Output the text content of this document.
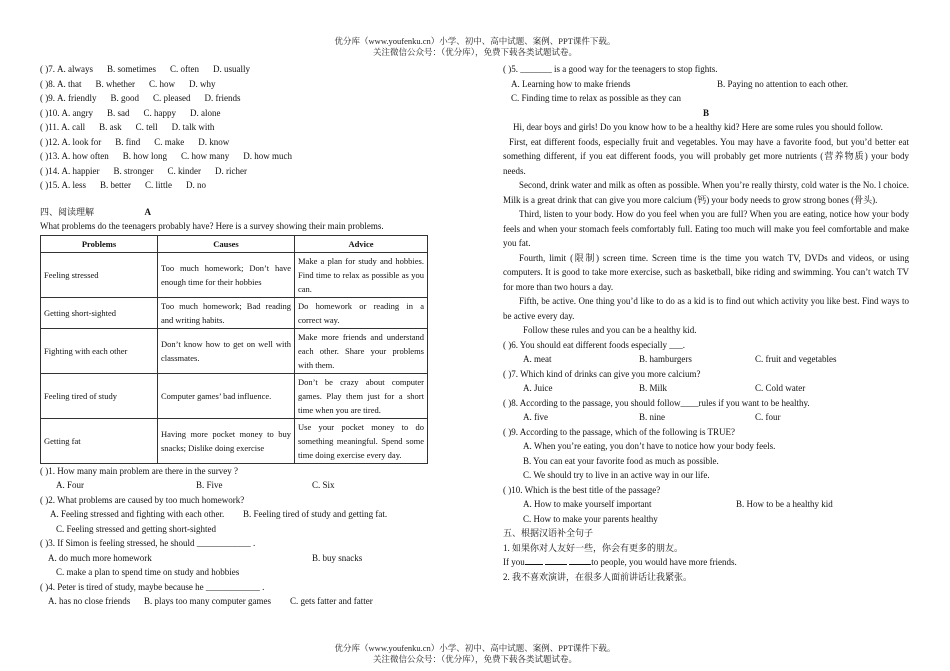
优分库（www.youfenku.cn）小学、初中、高中试题、案例、PPT课件下载。
关注微信公众号：（优分库），免费下载各类试题试卷。
( )7. A. always B. sometimes C. often D. usually
( )8. A. that B. whether C. how D. why
( )9. A. friendly B. good C. pleased D. friends
( )10. A. angry B. sad C. happy D. alone
( )11. A. call B. ask C. tell D. talk with
( )12. A. look for B. find C. make D. know
( )13. A. how often B. how long C. how many D. how much
( )14. A. happier B. stronger C. kinder D. richer
( )15. A. less B. better C. little D. no
四、阅读理解	A
What problems do the teenagers probably have? Here is a survey showing their main problems.
Problems	Causes	Advice
Feeling stressed	Too much homework; Don’t have enough time for their hobbies	Make a plan for study and hobbies. Find time to relax as possible as you can.
Getting short-sighted	Too much homework; Bad reading and writing habits.	Do homework or reading in a correct way.
Fighting with each other	Don’t know how to get on well with classmates.	Make more friends and understand each other. Share your problems with them.
Feeling tired of study	Computer games’ bad influence.	Don’t be crazy about computer games. Play them just for a short time when you are tired.
Getting fat	Having more pocket money to buy snacks; Dislike doing exercise	Use your pocket money to do something meaningful. Spend some time doing exercise every day.
( )1. How many main problem are there in the survey ?
A. Four	B. Five	C. Six
( )2. What problems are caused by too much homework?
A. Feeling stressed and fighting with each other.	B. Feeling tired of study and getting fat.
C. Feeling stressed and getting short-sighted
( )3. If Simon is feeling stressed, he should ____________ .
A. do much more homework	B. buy snacks
C. make a plan to spend time on study and hobbies
( )4. Peter is tired of study, maybe because he ____________ .
A. has no close friends	B. plays too many computer games	C. gets fatter and fatter
( )5. _______ is a good way for the teenagers to stop fights.
A. Learning how to make friends	B. Paying no attention to each other.
C. Finding time to relax as possible as they can
B
Hi, dear boys and girls! Do you know how to be a healthy kid? Here are some rules you should follow.
First, eat different foods, especially fruit and vegetables. You may have a favorite food, but you’d better eat something different, if you eat different foods, you will probably get more nutrients (营养物质) your body needs.
Second, drink water and milk as often as possible. When you’re really thirsty, cold water is the No. l choice. Milk is a great drink that can give you more calcium (钙) your body needs to grow strong bones (骨头).
Third, listen to your body. How do you feel when you are full? When you are eating, notice how your body feels and when your stomach feels comfortably full. Eating too much will make you feel comfortable and make you fat.
Fourth, limit (限制) screen time. Screen time is the time you watch TV, DVDs and videos, or using computers. It is good to take more exercise, such as basketball, bike riding and swimming. You can’t watch TV for more than two hours a day.
Fifth, be active. One thing you’d like to do as a kid is to find out which activity you like best. Find ways to be active every day.
Follow these rules and you can be a healthy kid.
( )6. You should eat different foods especially ___.
A. meat	B. hamburgers	C. fruit and vegetables
( )7. Which kind of drinks can give you more calcium?
A. Juice	B. Milk	C. Cold water
( )8. According to the passage, you should follow____rules if you want to be healthy.
A. five	B. nine	C. four
( )9. According to the passage, which of the following is TRUE?
A. When you’re eating, you don’t have to notice how your body feels.
B. You can eat your favorite food as much as possible.
C. We should try to live in an active way in our life.
( )10. Which is the best title of the passage?
A. How to make yourself important	B. How to be a healthy kid
C. How to make your parents healthy
五、根据汉语补全句子
1. 如果你对人友好一些，你会有更多的朋友。
If you	to people, you would have more friends.
2. 我不喜欢演讲，在很多人面前讲话让我紧张。
优分库（www.youfenku.cn）小学、初中、高中试题、案例、PPT课件下载。
关注微信公众号：（优分库），免费下载各类试题试卷。
